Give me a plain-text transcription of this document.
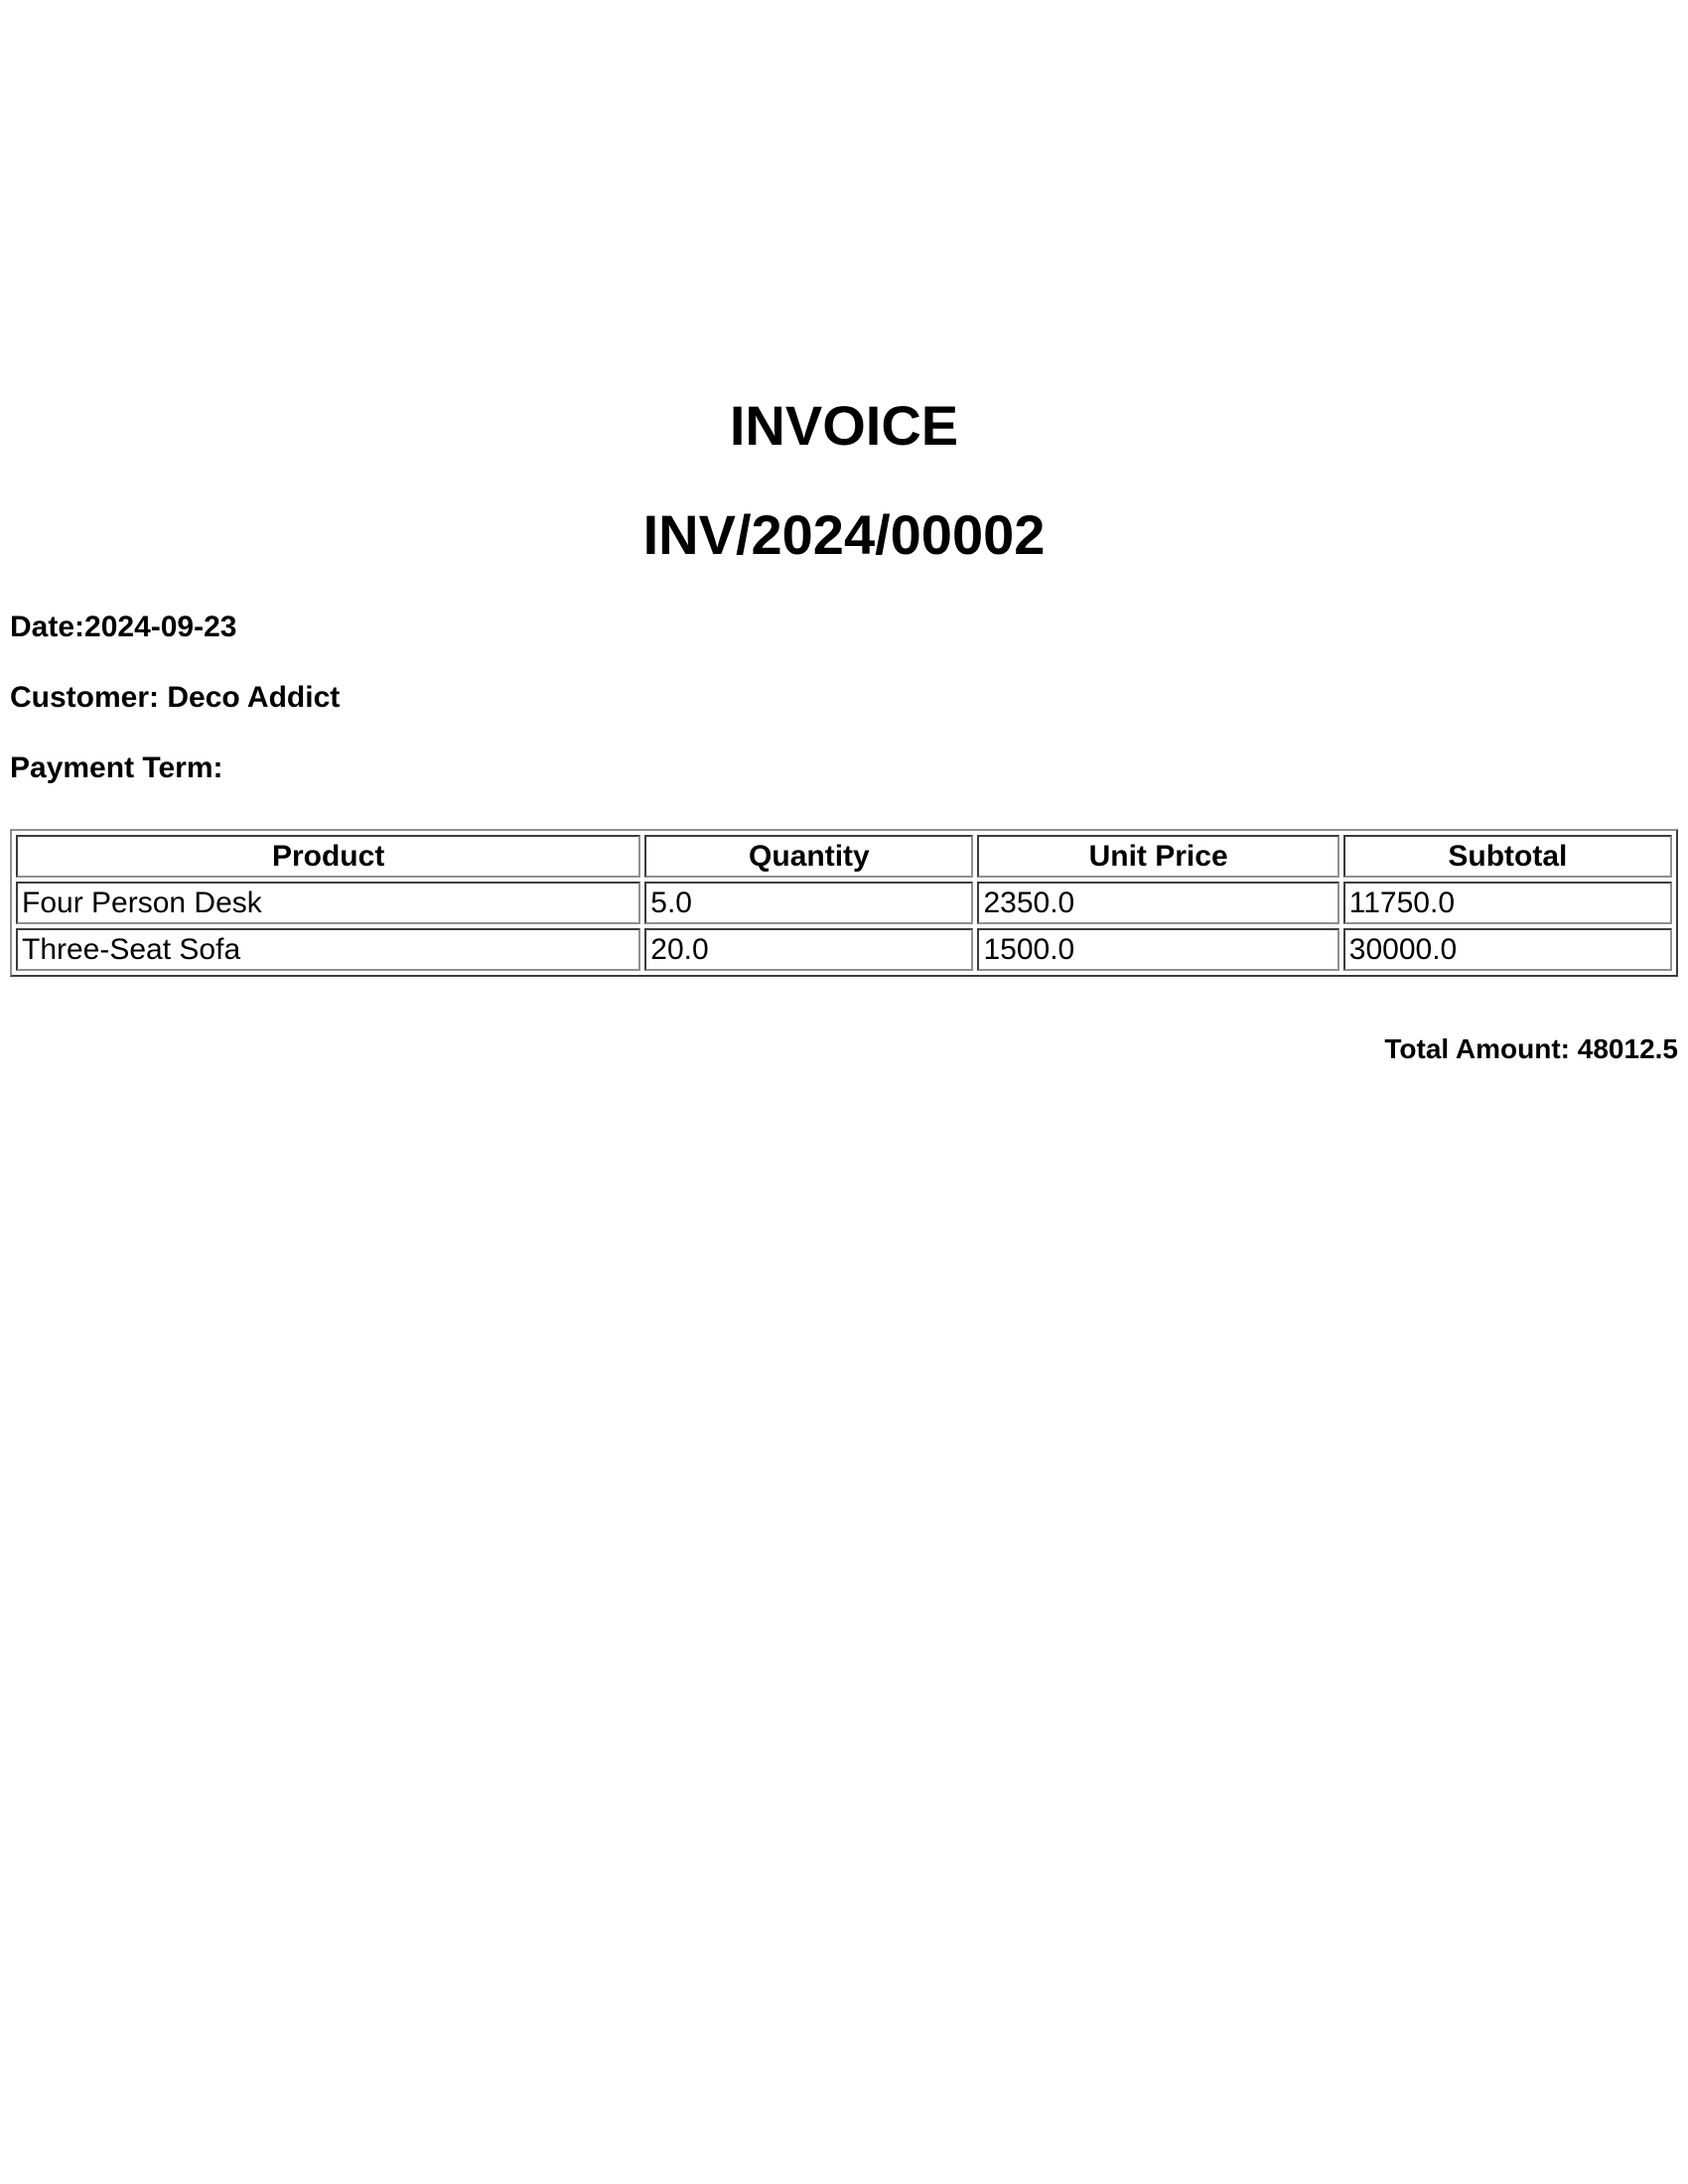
INVOICE
INV/2024/00002

Date:2024-09-23

Customer: Deco Addict

Payment Term:

Product	Quantity	Unit Price	Subtotal
Four Person Desk	5.0	2350.0	11750.0
Three-Seat Sofa	20.0	1500.0	30000.0

Total Amount: 48012.5
